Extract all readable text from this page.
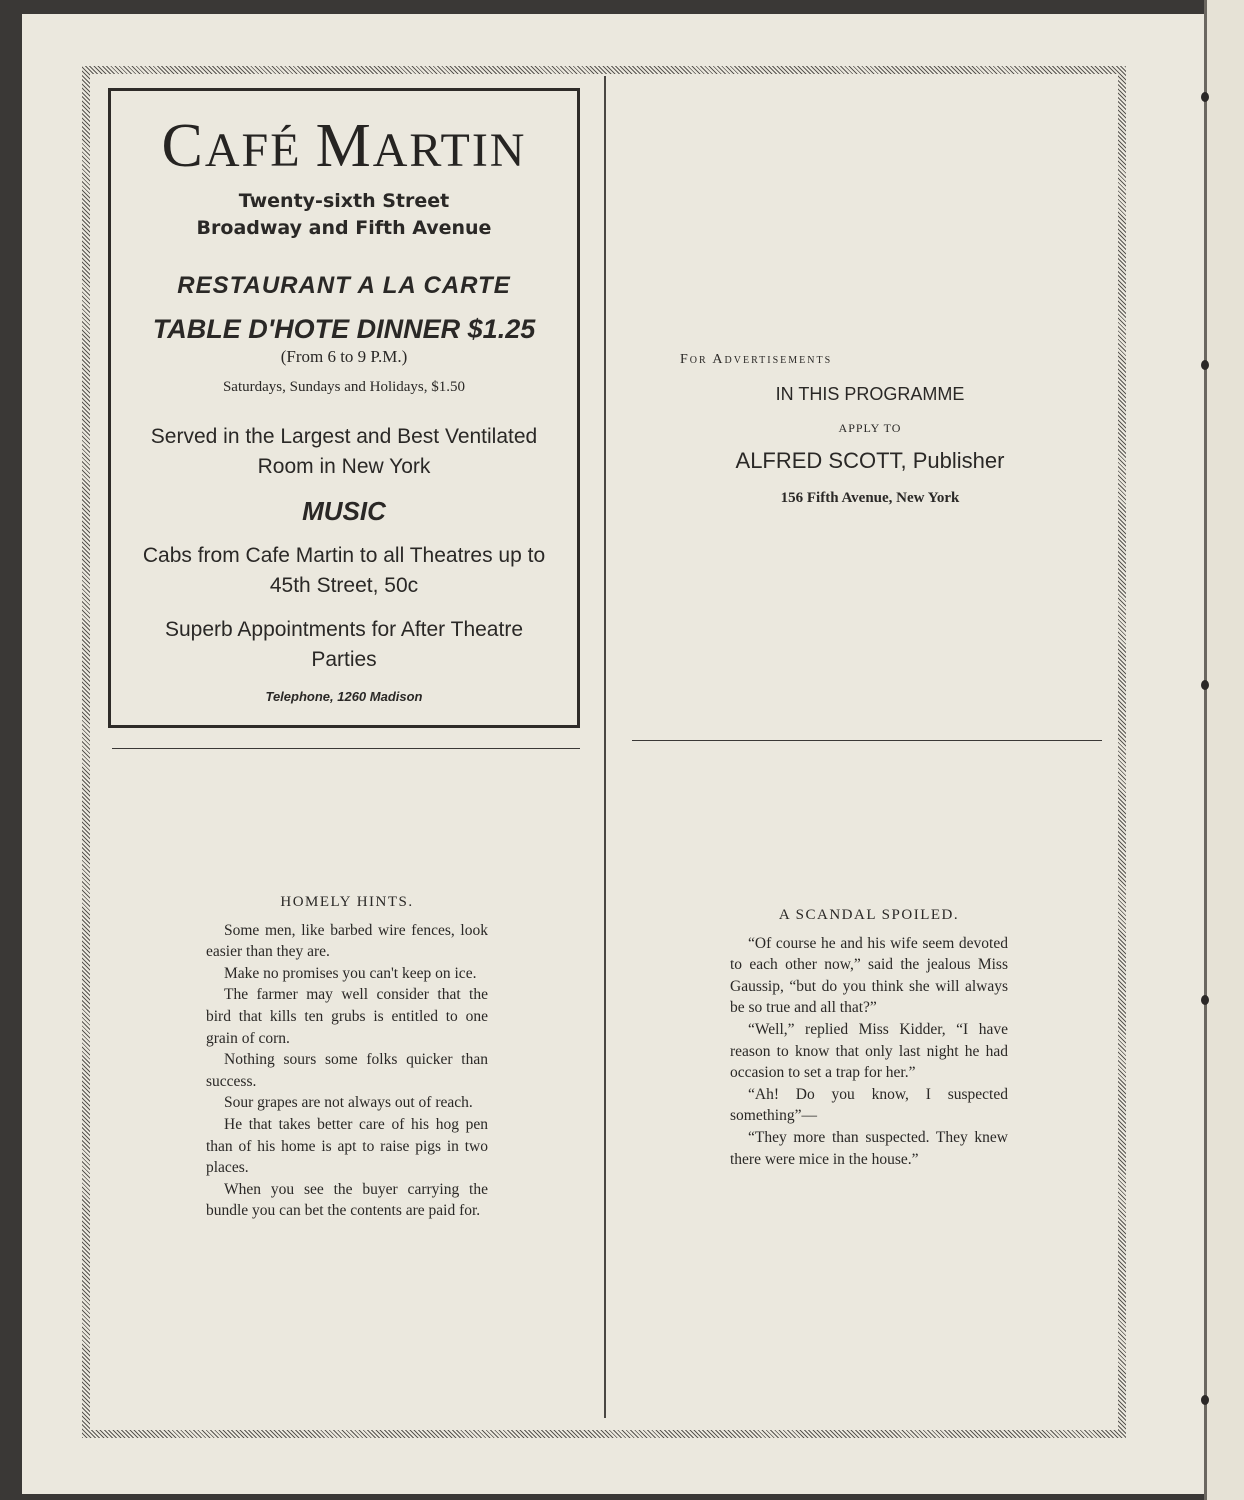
CAFÉ MARTIN
Twenty-sixth Street
Broadway and Fifth Avenue
RESTAURANT A LA CARTE
TABLE D'HOTE DINNER $1.25
(From 6 to 9 P.M.)
Saturdays, Sundays and Holidays, $1.50
Served in the Largest and Best Ventilated
Room in New York
MUSIC
Cabs from Cafe Martin to all Theatres up to
45th Street, 50c
Superb Appointments for After Theatre
Parties
Telephone, 1260 Madison
For Advertisements
IN THIS PROGRAMME
APPLY TO
ALFRED SCOTT, Publisher
156 Fifth Avenue, New York
HOMELY HINTS.

Some men, like barbed wire fences, look easier than they are.

Make no promises you can't keep on ice.

The farmer may well consider that the bird that kills ten grubs is entitled to one grain of corn.

Nothing sours some folks quicker than success.

Sour grapes are not always out of reach.

He that takes better care of his hog pen than of his home is apt to raise pigs in two places.

When you see the buyer carrying the bundle you can bet the contents are paid for.

A SCANDAL SPOILED.

“Of course he and his wife seem devoted to each other now,” said the jealous Miss Gaussip, “but do you think she will always be so true and all that?”

“Well,” replied Miss Kidder, “I have reason to know that only last night he had occasion to set a trap for her.”

“Ah! Do you know, I suspected something”—

“They more than suspected. They knew there were mice in the house.”
